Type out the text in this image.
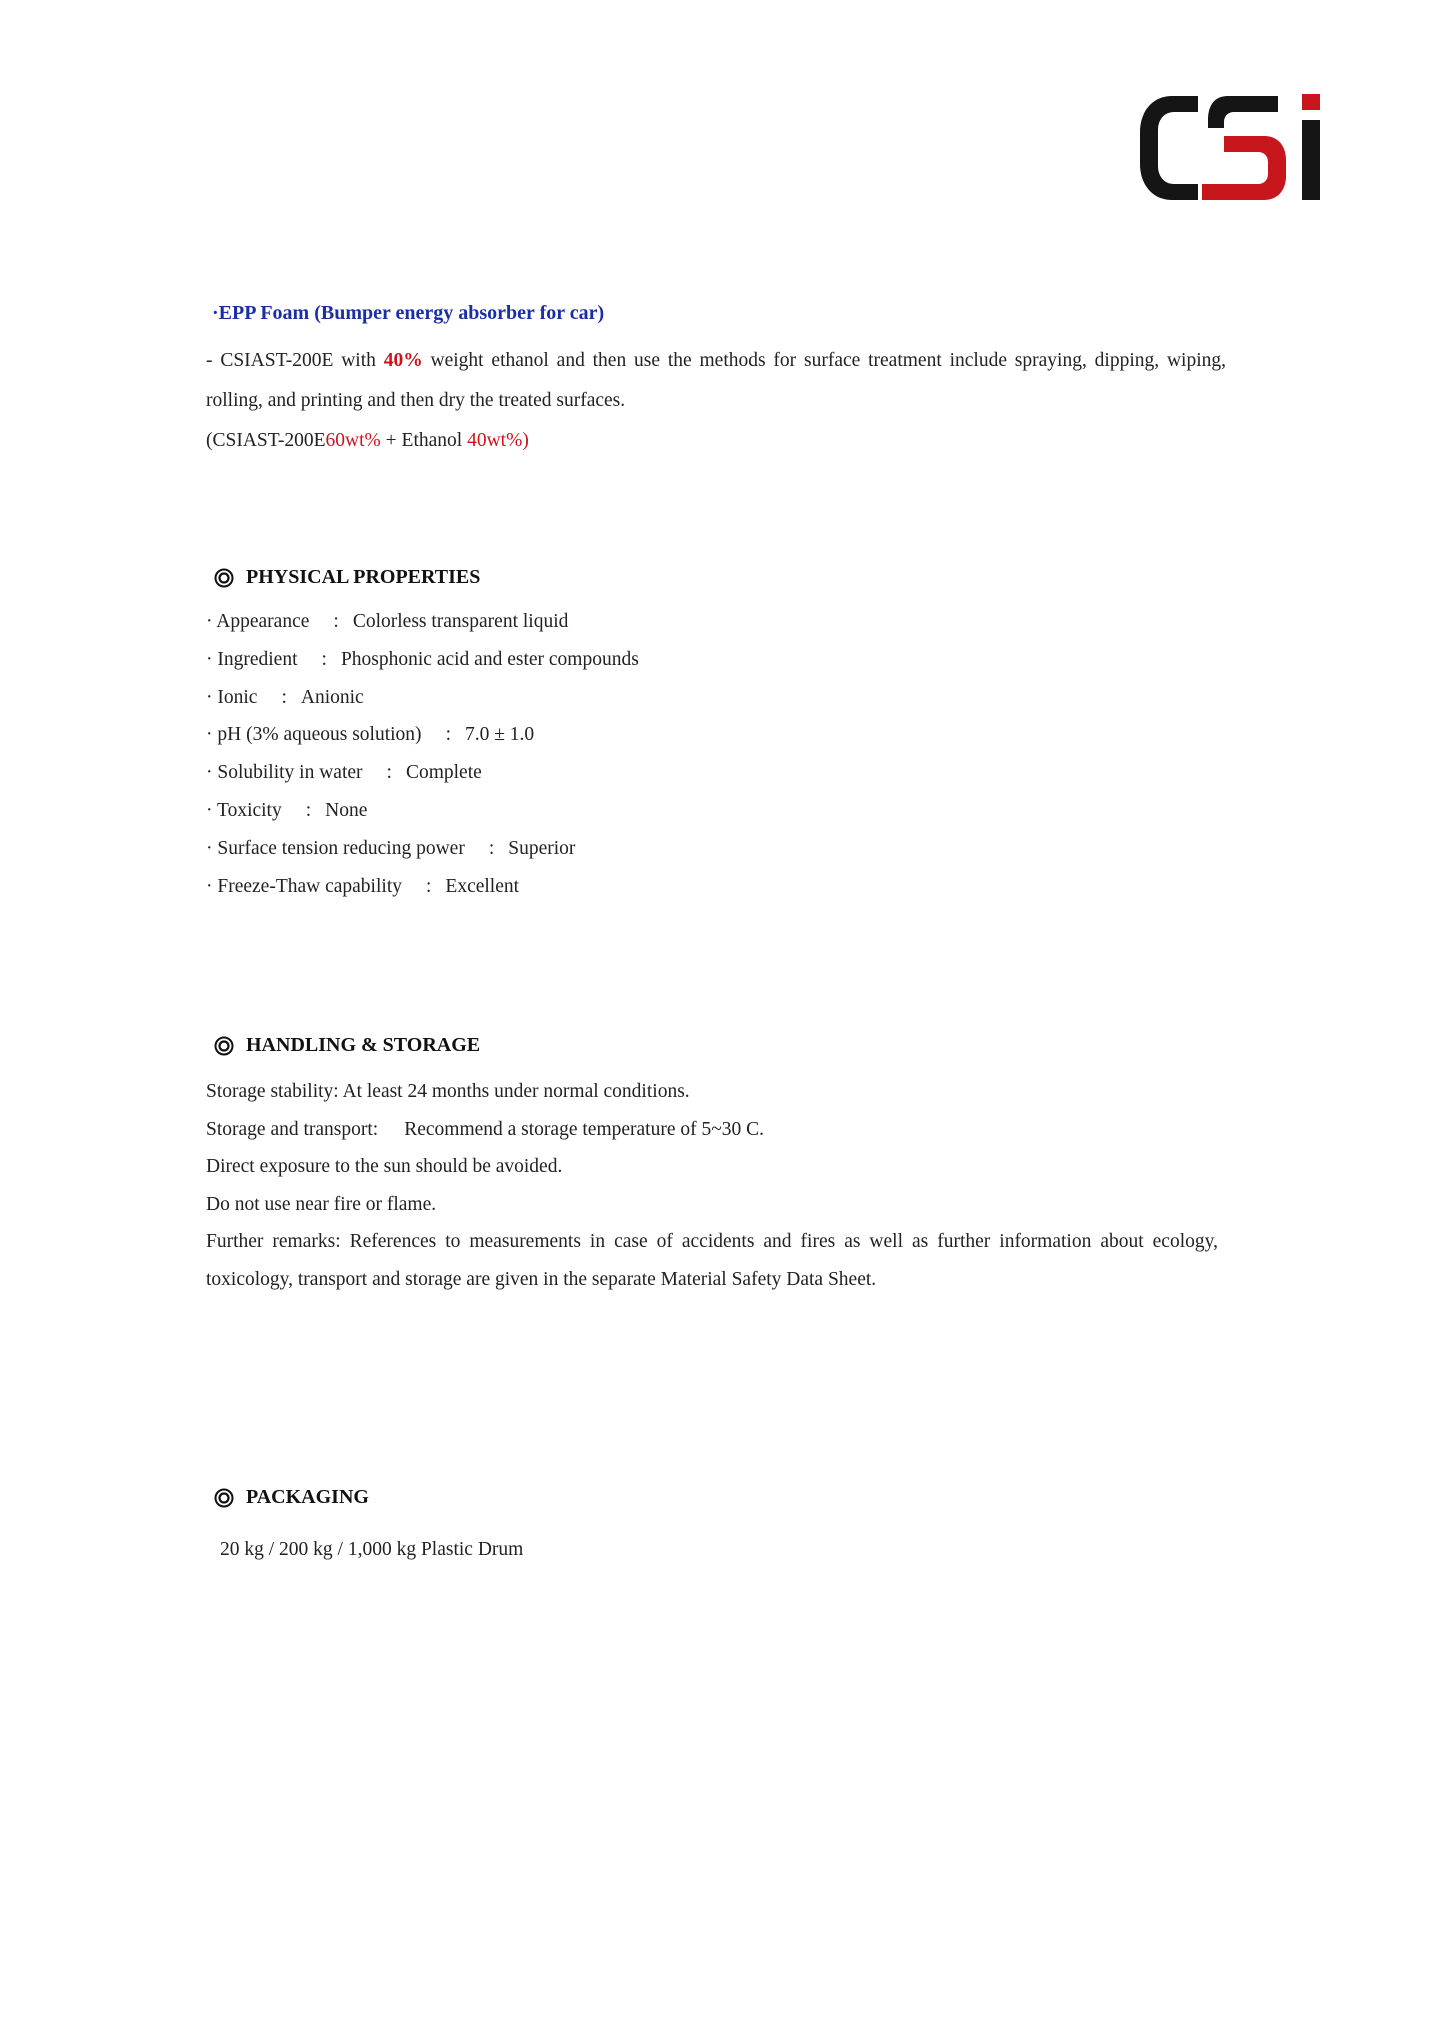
·EPP Foam (Bumper energy absorber for car)
- CSIAST-200E with 40% weight ethanol and then use the methods for surface treatment include spraying, dipping, wiping, rolling, and printing and then dry the treated surfaces.
(CSIAST-200E60wt% + Ethanol 40wt%)
PHYSICAL PROPERTIES
· Appearance : Colorless transparent liquid
· Ingredient : Phosphonic acid and ester compounds
· Ionic : Anionic
· pH (3% aqueous solution) : 7.0 ± 1.0
· Solubility in water : Complete
· Toxicity : None
· Surface tension reducing power : Superior
· Freeze-Thaw capability : Excellent
HANDLING & STORAGE
Storage stability: At least 24 months under normal conditions.
Storage and transport: Recommend a storage temperature of 5~30 C.
Direct exposure to the sun should be avoided.
Do not use near fire or flame.
Further remarks: References to measurements in case of accidents and fires as well as further information about ecology, toxicology, transport and storage are given in the separate Material Safety Data Sheet.
PACKAGING
20 kg / 200 kg / 1,000 kg Plastic Drum
